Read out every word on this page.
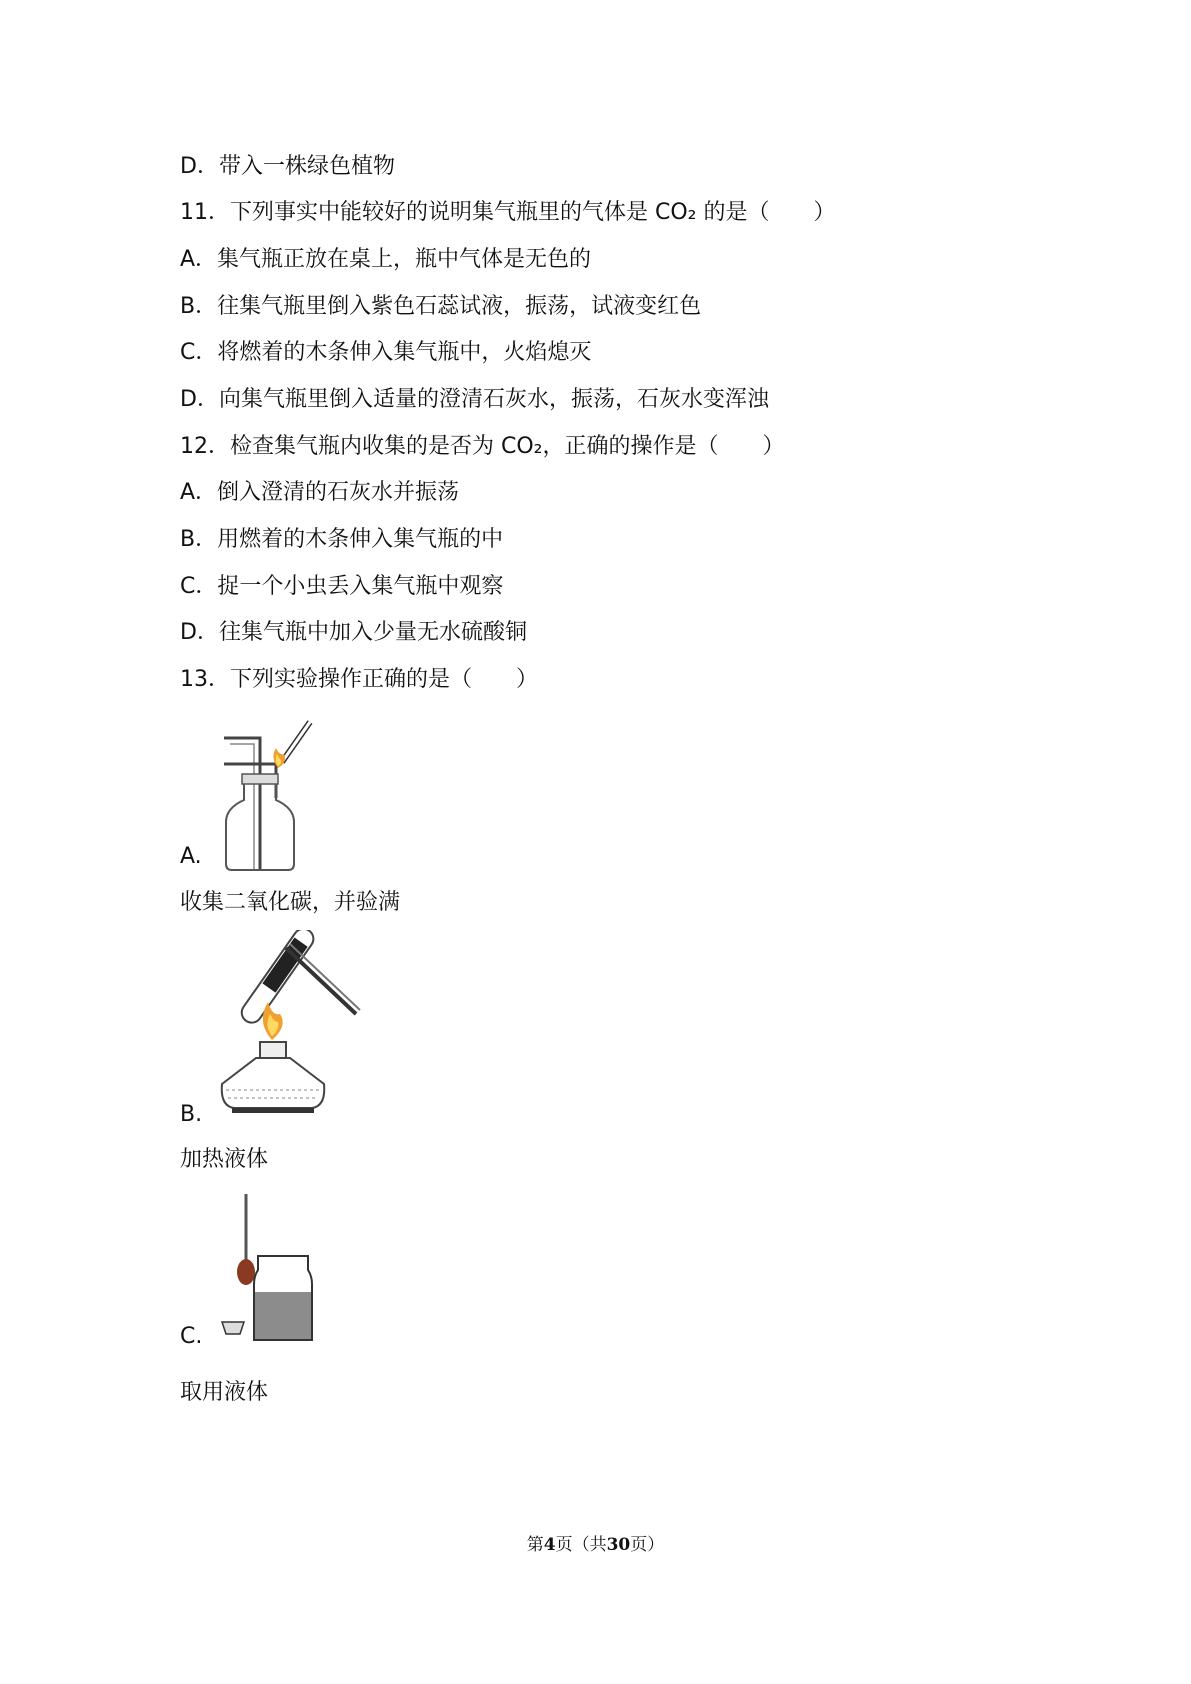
D．带入一株绿色植物
11．下列事实中能较好的说明集气瓶里的气体是 CO₂ 的是（　　）
A．集气瓶正放在桌上，瓶中气体是无色的
B．往集气瓶里倒入紫色石蕊试液，振荡，试液变红色
C．将燃着的木条伸入集气瓶中，火焰熄灭
D．向集气瓶里倒入适量的澄清石灰水，振荡，石灰水变浑浊
12．检查集气瓶内收集的是否为 CO₂，正确的操作是（　　）
A．倒入澄清的石灰水并振荡
B．用燃着的木条伸入集气瓶的中
C．捉一个小虫丢入集气瓶中观察
D．往集气瓶中加入少量无水硫酸铜
13．下列实验操作正确的是（　　）
A.
收集二氧化碳，并验满
B.
加热液体
C.
取用液体
第4页（共30页）
